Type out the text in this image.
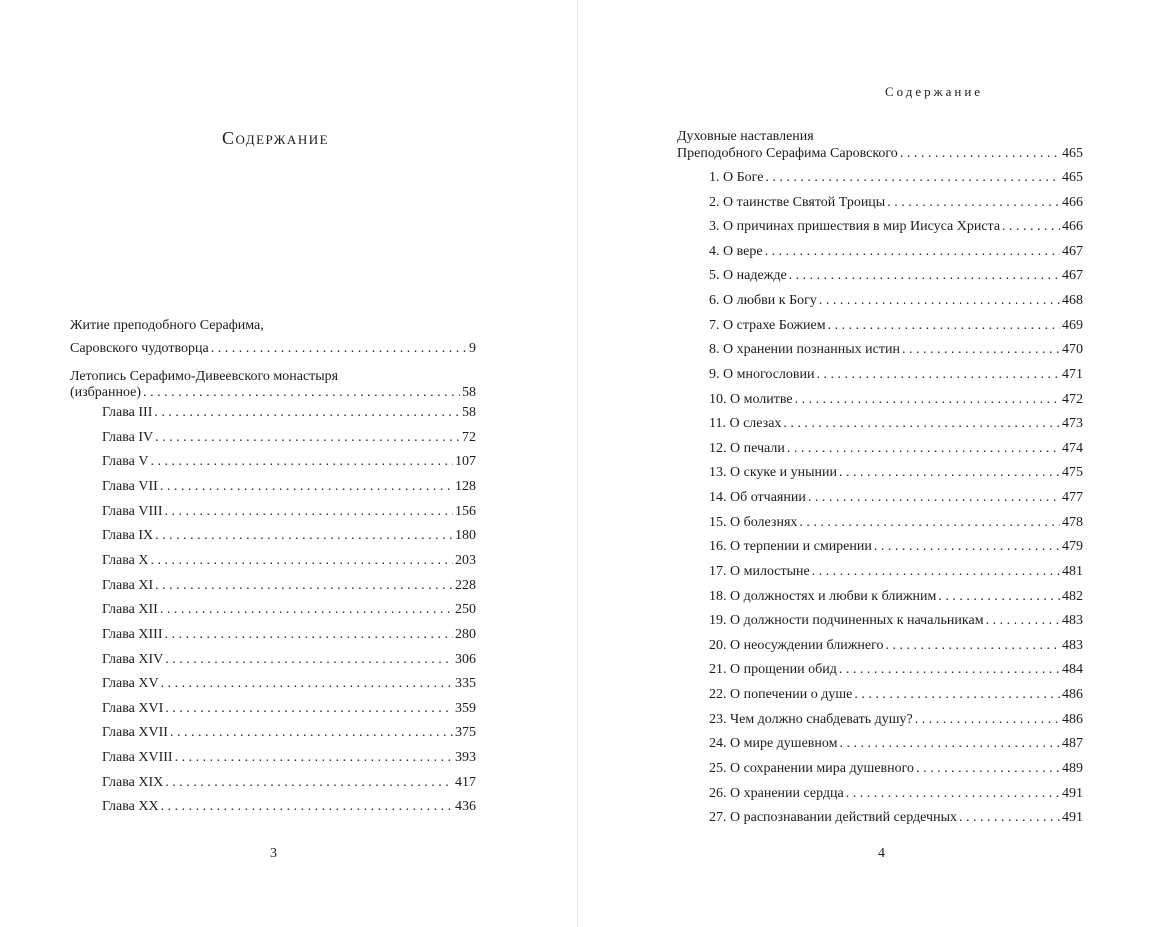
Содержание
Житие преподобного Серафима,
Саровского чудотворца . . .	9
Летопись Серафимо-Дивеевского монастыря
(избранное) . . .	58
Глава III . . .	58
Глава IV . . .	72
Глава V . . .	107
Глава VII . . .	128
Глава VIII . . .	156
Глава IX . . .	180
Глава X . . .	203
Глава XI . . .	228
Глава XII . . .	250
Глава XIII . . .	280
Глава XIV . . .	306
Глава XV . . .	335
Глава XVI . . .	359
Глава XVII . . .	375
Глава XVIII . . .	393
Глава XIX . . .	417
Глава XX . . .	436
3
Содержание
Духовные наставления
Преподобного Серафима Саровского . . .	465
1. О Боге . . .	465
2. О таинстве Святой Троицы . . .	466
3. О причинах пришествия в мир Иисуса Христа . . .	466
4. О вере . . .	467
5. О надежде . . .	467
6. О любви к Богу . . .	468
7. О страхе Божием . . .	469
8. О хранении познанных истин . . .	470
9. О многословии . . .	471
10. О молитве . . .	472
11. О слезах . . .	473
12. О печали . . .	474
13. О скуке и унынии . . .	475
14. Об отчаянии . . .	477
15. О болезнях . . .	478
16. О терпении и смирении . . .	479
17. О милостыне . . .	481
18. О должностях и любви к ближним . . .	482
19. О должности подчиненных к начальникам . . .	483
20. О неосуждении ближнего . . .	483
21. О прощении обид . . .	484
22. О попечении о душе . . .	486
23. Чем должно снабдевать душу? . . .	486
24. О мире душевном . . .	487
25. О сохранении мира душевного . . .	489
26. О хранении сердца . . .	491
27. О распознавании действий сердечных . . .	491
4
